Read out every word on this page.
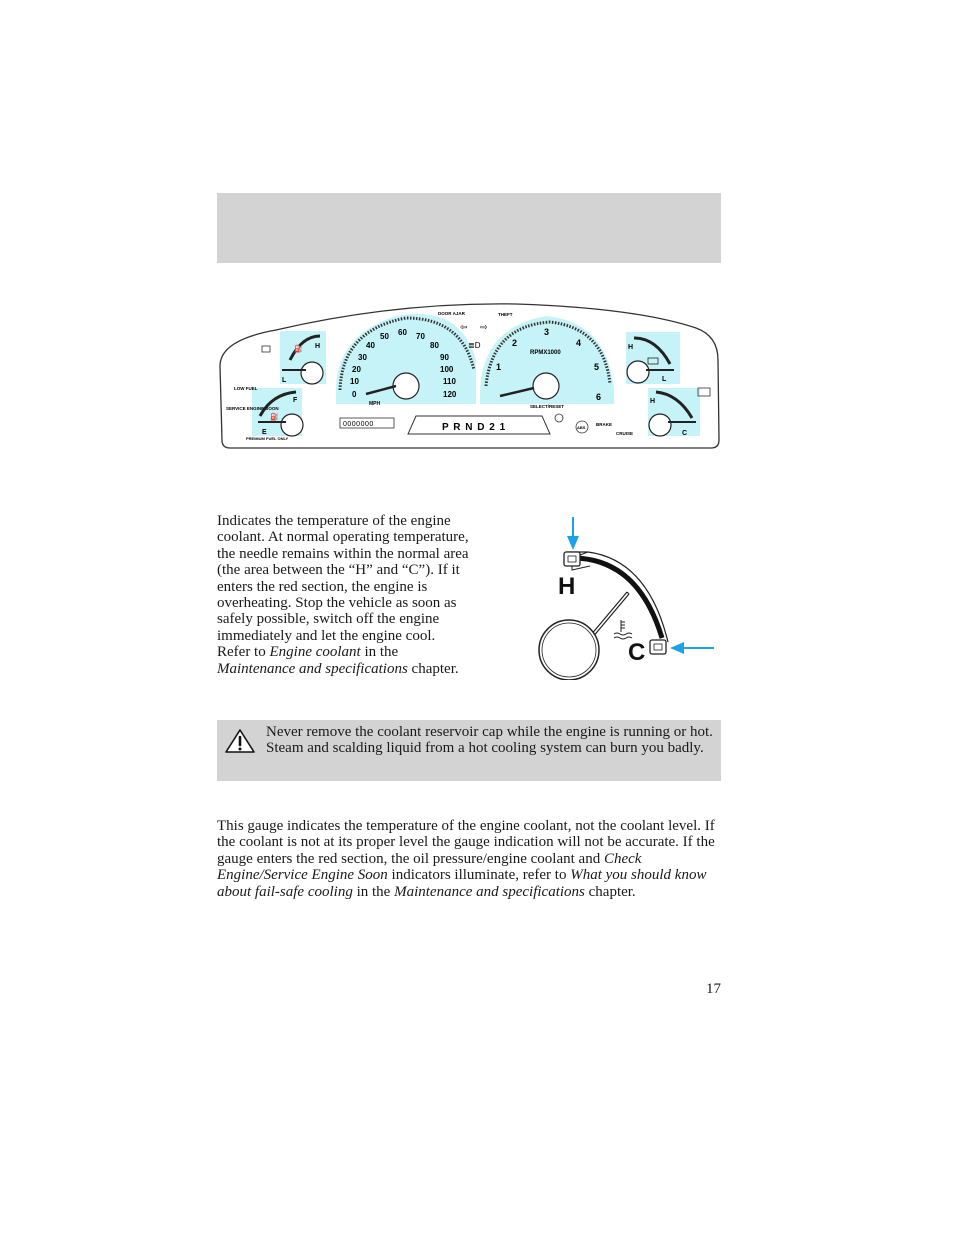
H
L
⛽
F
E
⛽
LOW FUEL
SERVICE ENGINE SOON
PREMIUM FUEL ONLY
0
10
20
30
40
50 60 70
80
90
100
110
120
MPH
DOOR AJAR	THEFT
⇦ ⇨
≣D
1
2
3
4
5
6
RPMX1000
SELECT/RESET
H
L
H
C
0000000	P R N D 2 1	ABS
BRAKE
CRUISE
Indicates the temperature of the engine coolant. At normal operating temperature, the needle remains within the normal area (the area between the “H” and “C”). If it enters the red section, the engine is overheating. Stop the vehicle as soon as safely possible, switch off the engine immediately and let the engine cool. Refer to Engine coolant in the Maintenance and specifications chapter.
H
C
Never remove the coolant reservoir cap while the engine is running or hot. Steam and scalding liquid from a hot cooling system can burn you badly.
This gauge indicates the temperature of the engine coolant, not the coolant level. If the coolant is not at its proper level the gauge indication will not be accurate. If the gauge enters the red section, the oil pressure/engine coolant and Check Engine/Service Engine Soon indicators illuminate, refer to What you should know about fail-safe cooling in the Maintenance and specifications chapter.
17
